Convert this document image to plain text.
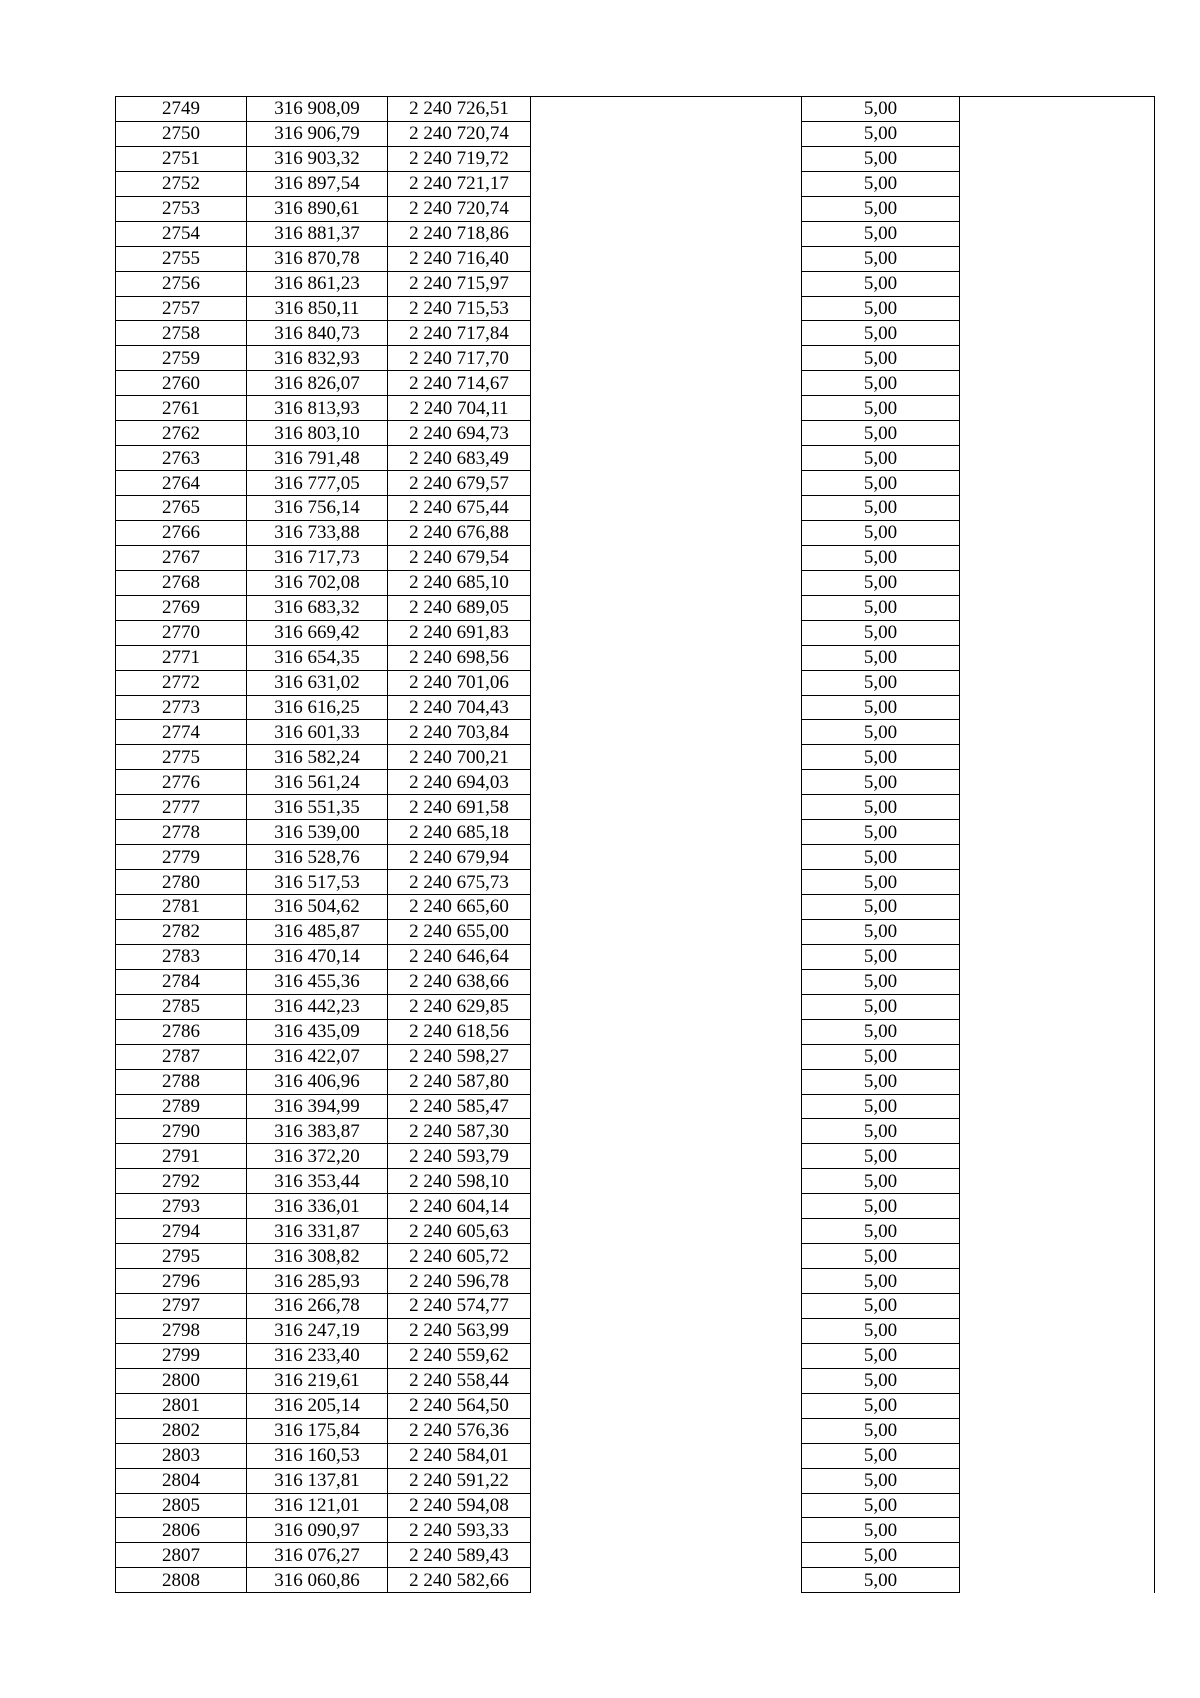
2749	316 908,09	2 240 726,51		5,00	
2750	316 906,79	2 240 720,74		5,00	
2751	316 903,32	2 240 719,72		5,00	
2752	316 897,54	2 240 721,17		5,00	
2753	316 890,61	2 240 720,74		5,00	
2754	316 881,37	2 240 718,86		5,00	
2755	316 870,78	2 240 716,40		5,00	
2756	316 861,23	2 240 715,97		5,00	
2757	316 850,11	2 240 715,53		5,00	
2758	316 840,73	2 240 717,84		5,00	
2759	316 832,93	2 240 717,70		5,00	
2760	316 826,07	2 240 714,67		5,00	
2761	316 813,93	2 240 704,11		5,00	
2762	316 803,10	2 240 694,73		5,00	
2763	316 791,48	2 240 683,49		5,00	
2764	316 777,05	2 240 679,57		5,00	
2765	316 756,14	2 240 675,44		5,00	
2766	316 733,88	2 240 676,88		5,00	
2767	316 717,73	2 240 679,54		5,00	
2768	316 702,08	2 240 685,10		5,00	
2769	316 683,32	2 240 689,05		5,00	
2770	316 669,42	2 240 691,83		5,00	
2771	316 654,35	2 240 698,56		5,00	
2772	316 631,02	2 240 701,06		5,00	
2773	316 616,25	2 240 704,43		5,00	
2774	316 601,33	2 240 703,84		5,00	
2775	316 582,24	2 240 700,21		5,00	
2776	316 561,24	2 240 694,03		5,00	
2777	316 551,35	2 240 691,58		5,00	
2778	316 539,00	2 240 685,18		5,00	
2779	316 528,76	2 240 679,94		5,00	
2780	316 517,53	2 240 675,73		5,00	
2781	316 504,62	2 240 665,60		5,00	
2782	316 485,87	2 240 655,00		5,00	
2783	316 470,14	2 240 646,64		5,00	
2784	316 455,36	2 240 638,66		5,00	
2785	316 442,23	2 240 629,85		5,00	
2786	316 435,09	2 240 618,56		5,00	
2787	316 422,07	2 240 598,27		5,00	
2788	316 406,96	2 240 587,80		5,00	
2789	316 394,99	2 240 585,47		5,00	
2790	316 383,87	2 240 587,30		5,00	
2791	316 372,20	2 240 593,79		5,00	
2792	316 353,44	2 240 598,10		5,00	
2793	316 336,01	2 240 604,14		5,00	
2794	316 331,87	2 240 605,63		5,00	
2795	316 308,82	2 240 605,72		5,00	
2796	316 285,93	2 240 596,78		5,00	
2797	316 266,78	2 240 574,77		5,00	
2798	316 247,19	2 240 563,99		5,00	
2799	316 233,40	2 240 559,62		5,00	
2800	316 219,61	2 240 558,44		5,00	
2801	316 205,14	2 240 564,50		5,00	
2802	316 175,84	2 240 576,36		5,00	
2803	316 160,53	2 240 584,01		5,00	
2804	316 137,81	2 240 591,22		5,00	
2805	316 121,01	2 240 594,08		5,00	
2806	316 090,97	2 240 593,33		5,00	
2807	316 076,27	2 240 589,43		5,00	
2808	316 060,86	2 240 582,66		5,00	
